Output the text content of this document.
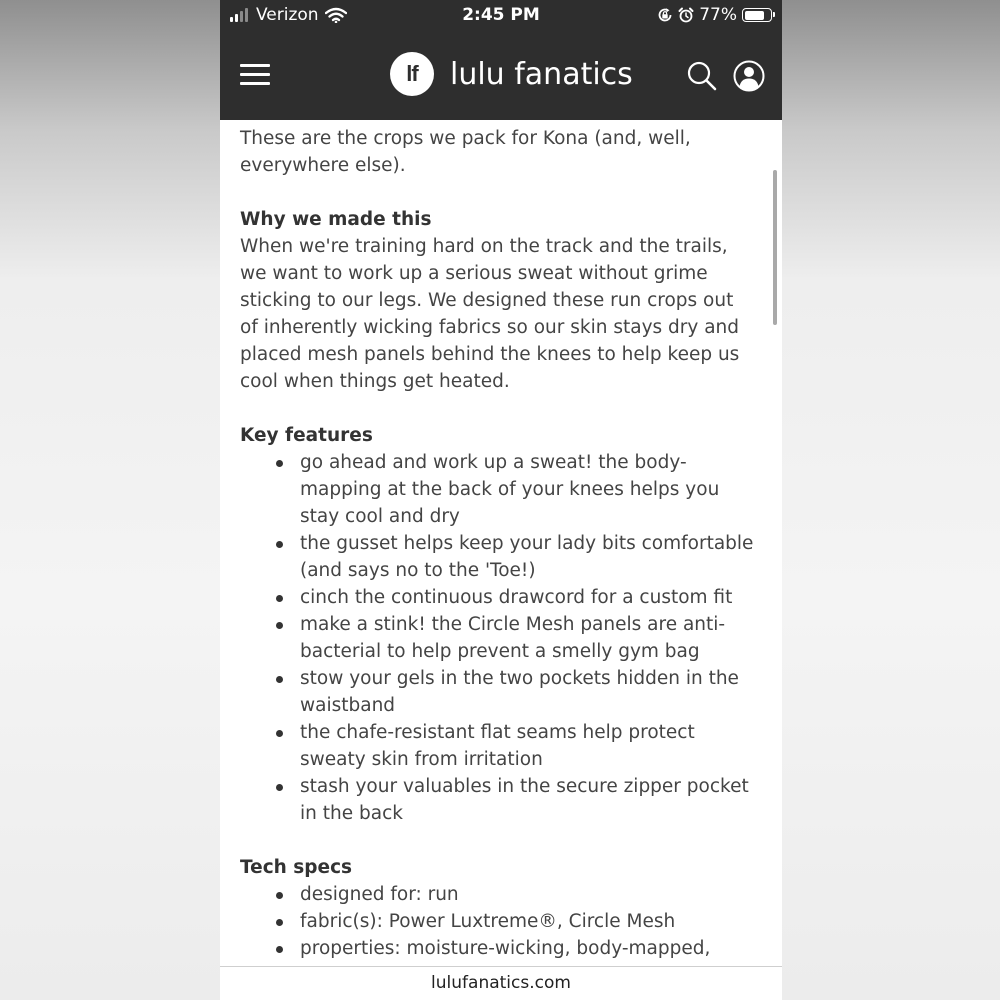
Verizon	2:45 PM	77%
lf	lulu fanatics

These are the crops we pack for Kona (and, well, everywhere else).

Why we made this

When we're training hard on the track and the trails, we want to work up a serious sweat without grime sticking to our legs. We designed these run crops out of inherently wicking fabrics so our skin stays dry and placed mesh panels behind the knees to help keep us cool when things get heated.

Key features

go ahead and work up a sweat! the body-mapping at the back of your knees helps you stay cool and dry
the gusset helps keep your lady bits comfortable (and says no to the 'Toe!)
cinch the continuous drawcord for a custom fit
make a stink! the Circle Mesh panels are anti-bacterial to help prevent a smelly gym bag
stow your gels in the two pockets hidden in the waistband
the chafe-resistant flat seams help protect sweaty skin from irritation
stash your valuables in the secure zipper pocket in the back

Tech specs

designed for: run
fabric(s): Power Luxtreme®, Circle Mesh
properties: moisture-wicking, body-mapped,
lulufanatics.com
